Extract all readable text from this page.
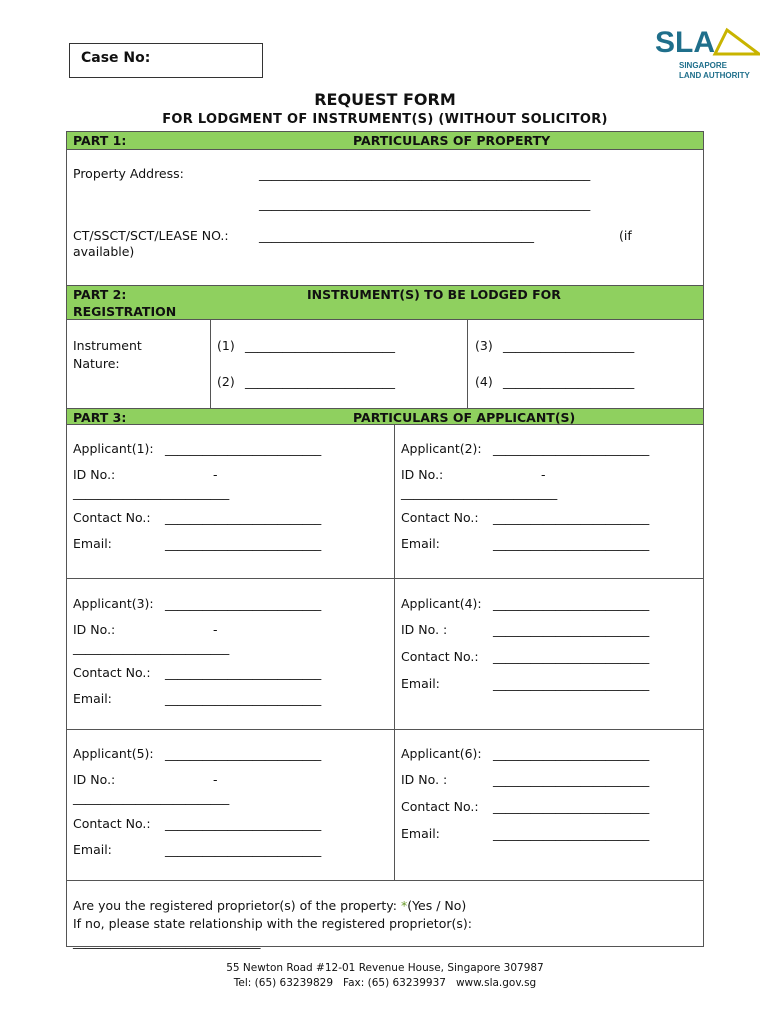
Case No:	SLA
SINGAPORE
LAND AUTHORITY
REQUEST FORM
FOR LODGMENT OF INSTRUMENT(S) (WITHOUT SOLICITOR)
PART 1:	PARTICULARS OF PROPERTY
Property Address:	_____________________________________________________
_____________________________________________________
CT/SSCT/SCT/LEASE NO.: ____________________________________________	(if
available)
PART 2:	INSTRUMENT(S) TO BE LODGED FOR
REGISTRATION
Instrument
Nature:
(1) ________________________
(2) ________________________
(3) _____________________
(4) _____________________
PART 3:	PARTICULARS OF APPLICANT(S)
Applicant(1): _________________________
ID No.:	-
_________________________
Contact No.: _________________________
Email:	_________________________
Applicant(2): _________________________
ID No.:	-
_________________________
Contact No.: _________________________
Email:	_________________________
Applicant(3): _________________________
ID No.:	-
_________________________
Contact No.: _________________________
Email:	_________________________
Applicant(4): _________________________
ID No. :	_________________________
Contact No.: _________________________
Email:	_________________________
Applicant(5): _________________________
ID No.:	-
_________________________
Contact No.: _________________________
Email:	_________________________
Applicant(6): _________________________
ID No. :	_________________________
Contact No.: _________________________
Email:	_________________________
Are you the registered proprietor(s) of the property: *(Yes / No)
If no, please state relationship with the registered proprietor(s):
______________________________
55 Newton Road #12-01 Revenue House, Singapore 307987
Tel: (65) 63239829   Fax: (65) 63239937   www.sla.gov.sg
